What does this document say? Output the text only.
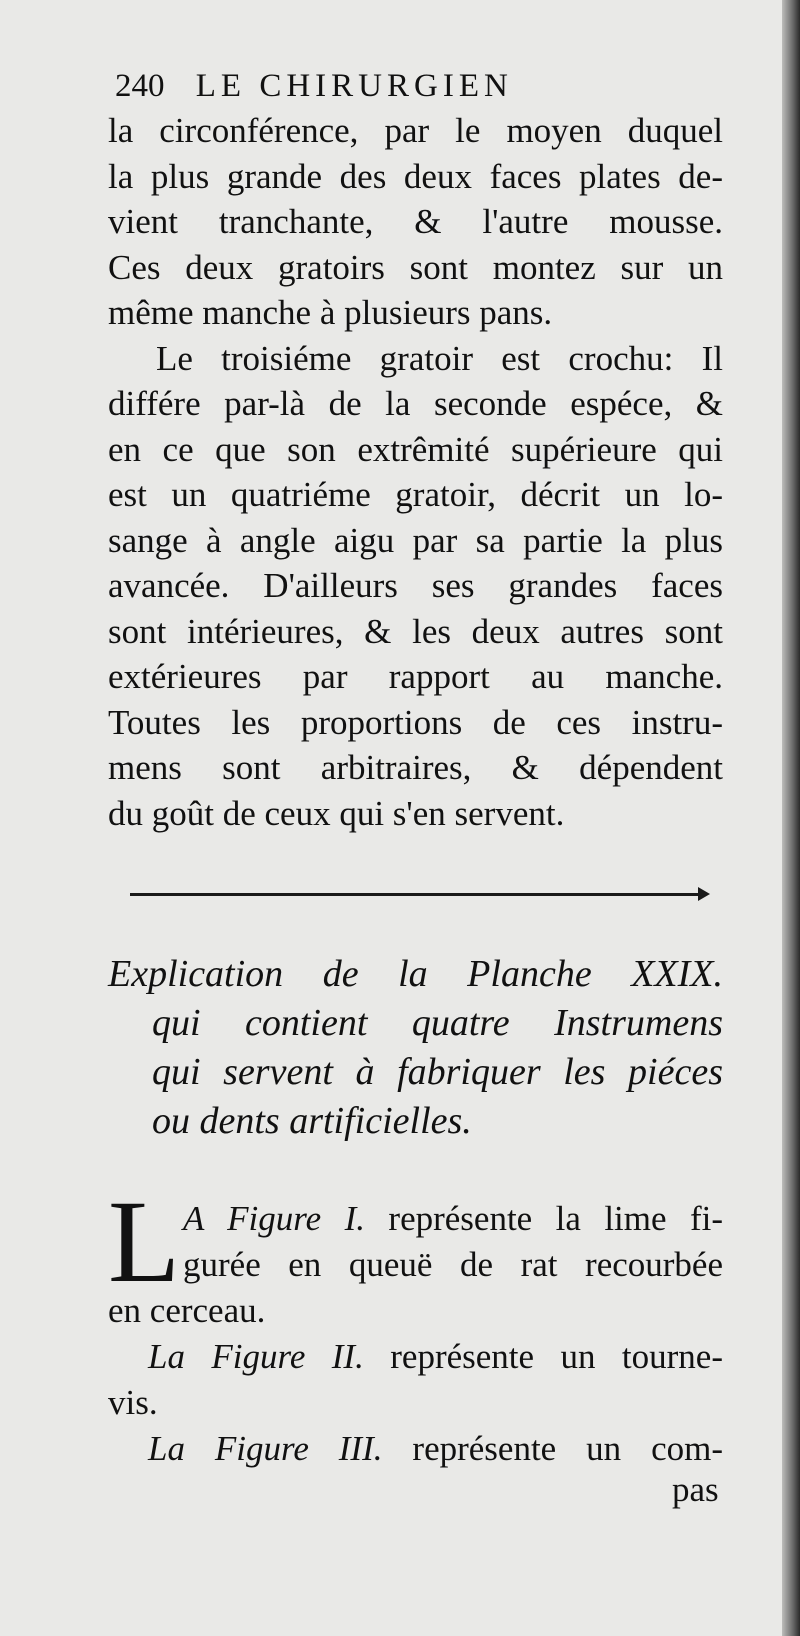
240 LE CHIRURGIEN
la circonférence, par le moyen duquel
la plus grande des deux faces plates de-
vient tranchante, & l'autre mousse.
Ces deux gratoirs sont montez sur un
même manche à plusieurs pans.
Le troisiéme gratoir est crochu: Il
différe par-là de la seconde espéce, &
en ce que son extrêmité supérieure qui
est un quatriéme gratoir, décrit un lo-
sange à angle aigu par sa partie la plus
avancée. D'ailleurs ses grandes faces
sont intérieures, & les deux autres sont
extérieures par rapport au manche.
Toutes les proportions de ces instru-
mens sont arbitraires, & dépendent
du goût de ceux qui s'en servent.
Explication de la Planche XXIX.
qui contient quatre Instrumens
qui servent à fabriquer les piéces
ou dents artificielles.
L A Figure I. représente la lime fi-
gurée en queuë de rat recourbée
en cerceau.
La Figure II. représente un tourne-
vis.
La Figure III. représente un com-
pas
